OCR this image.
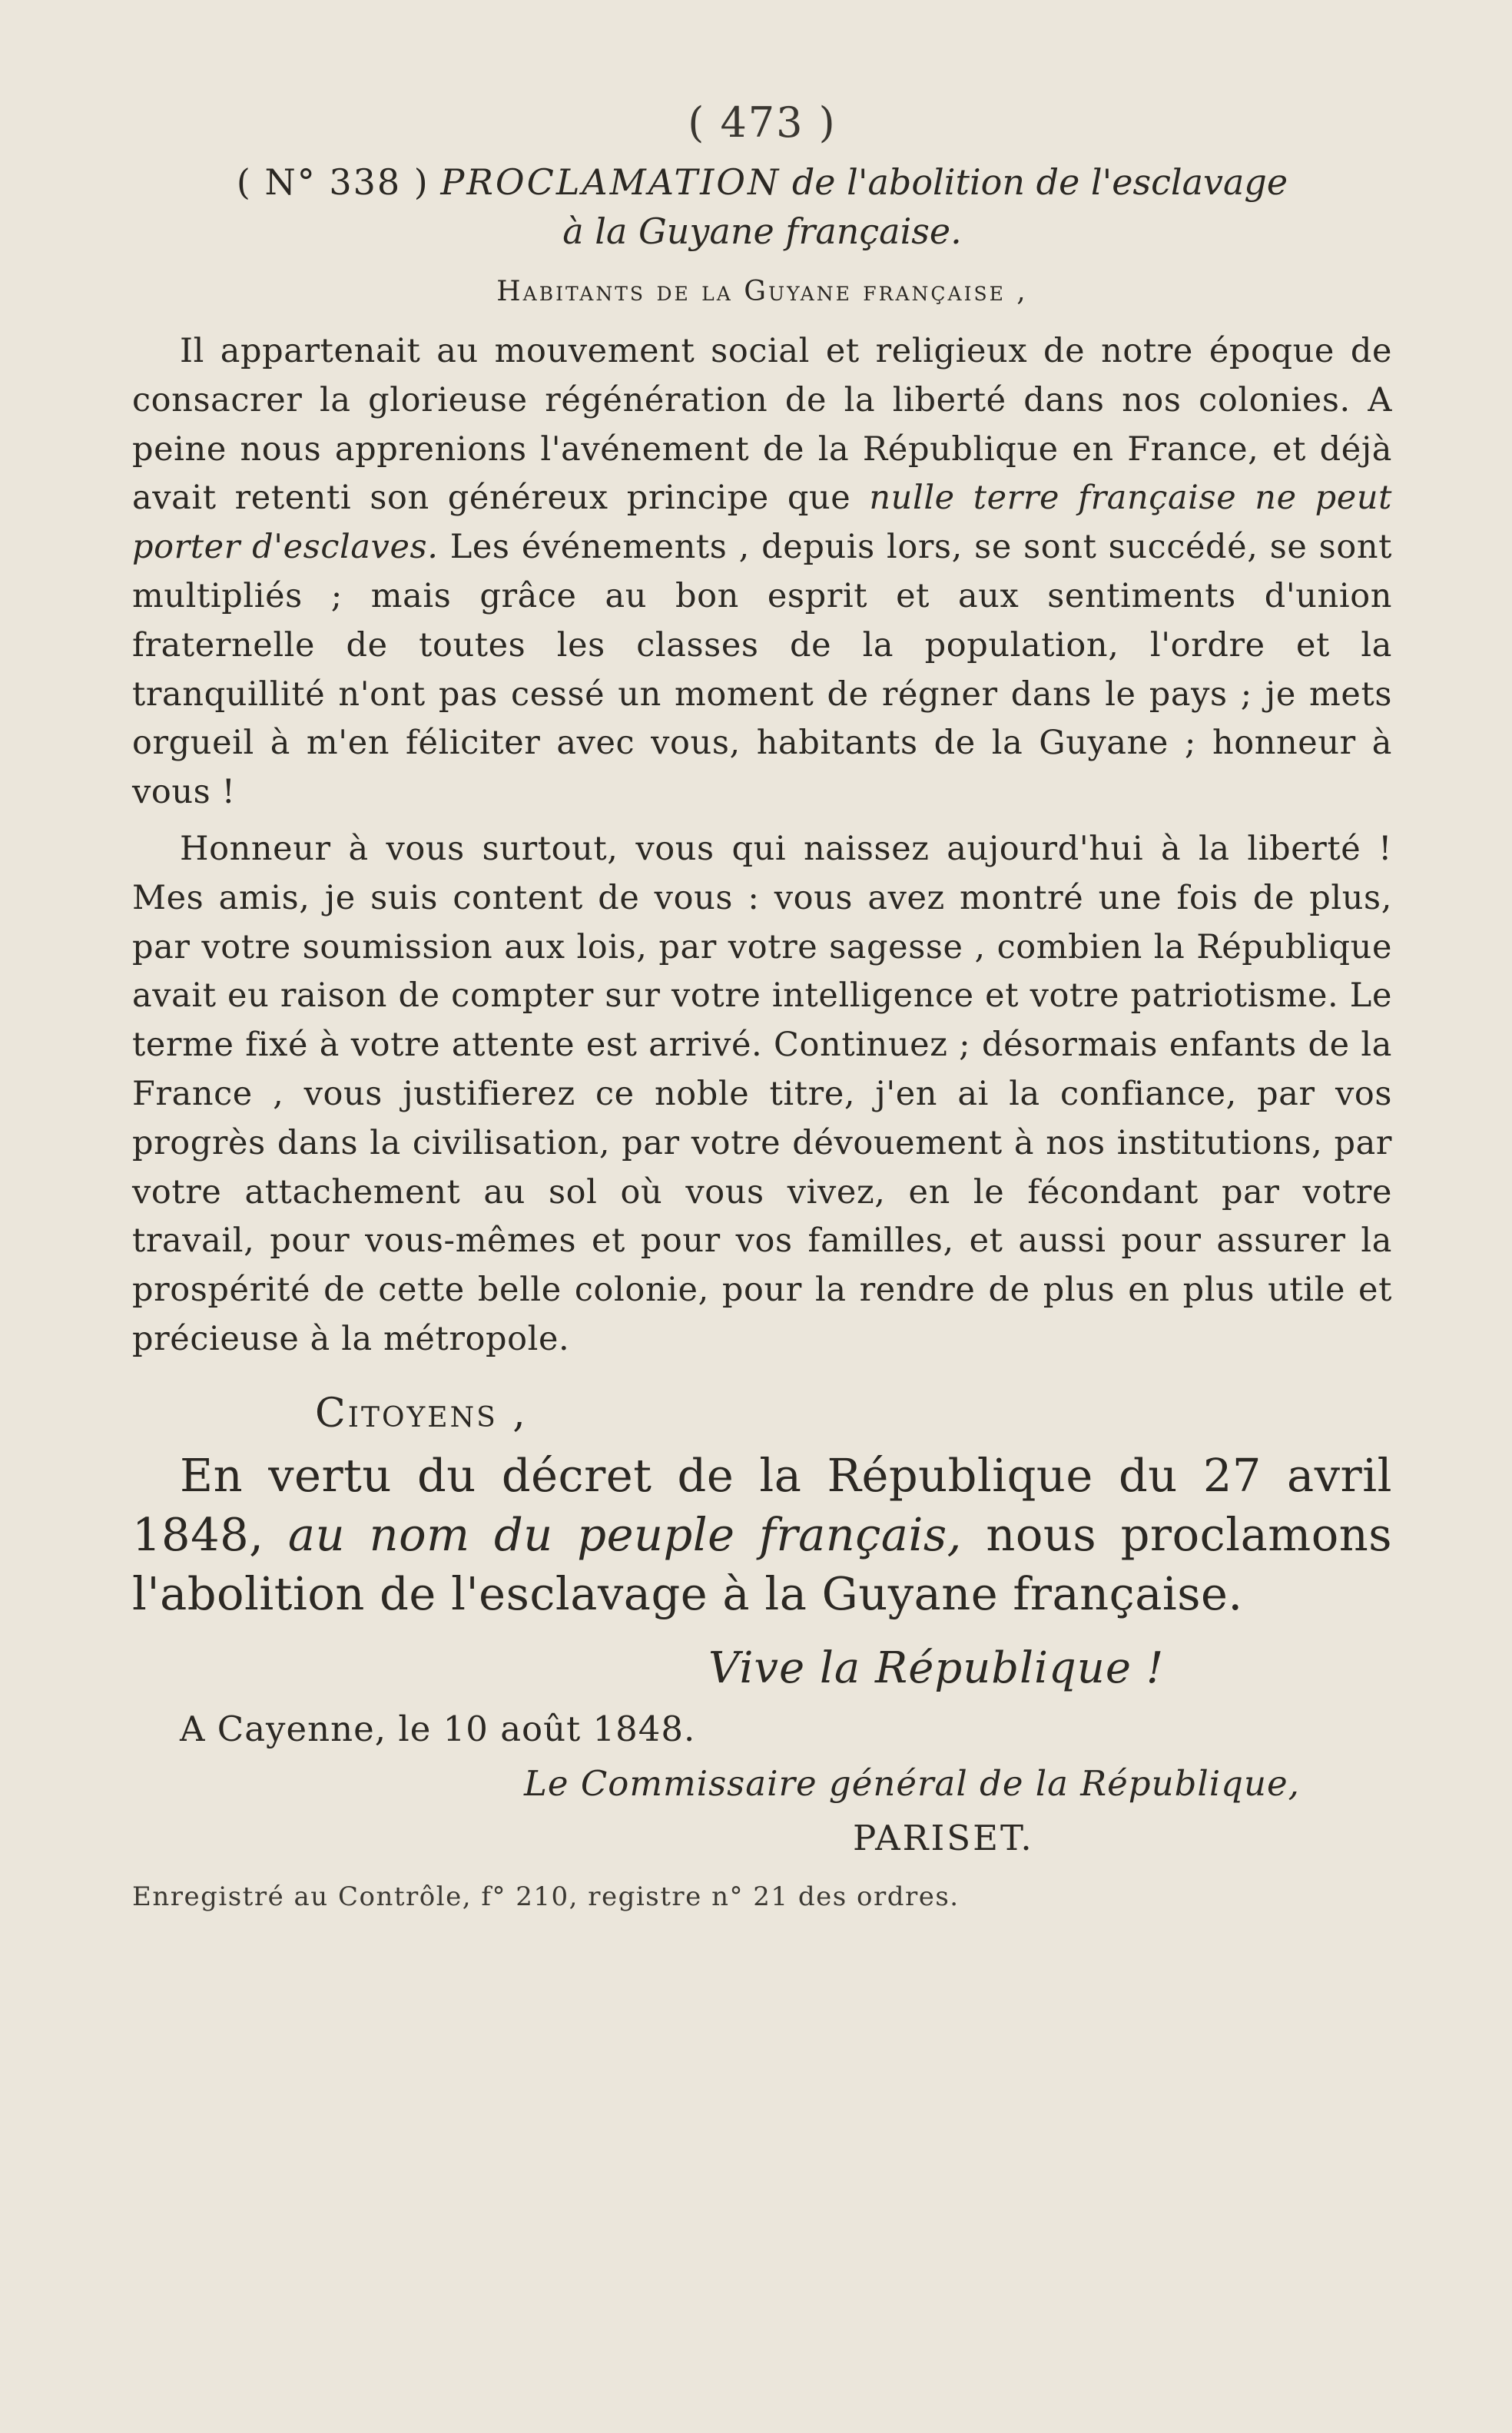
( 473 )

( N° 338 ) PROCLAMATION de l'abolition de l'esclavage

à la Guyane française.

Habitants de la Guyane française ,

Il appartenait au mouvement social et religieux de notre époque de consacrer la glorieuse régénération de la liberté dans nos colonies. A peine nous apprenions l'avénement de la République en France, et déjà avait retenti son généreux principe que nulle terre française ne peut porter d'esclaves. Les événements , depuis lors, se sont succédé, se sont multipliés ; mais grâce au bon esprit et aux sentiments d'union fraternelle de toutes les classes de la population, l'ordre et la tranquillité n'ont pas cessé un moment de régner dans le pays ; je mets orgueil à m'en féliciter avec vous, habitants de la Guyane ; honneur à vous !

Honneur à vous surtout, vous qui naissez aujourd'hui à la liberté ! Mes amis, je suis content de vous : vous avez montré une fois de plus, par votre soumission aux lois, par votre sagesse , combien la République avait eu raison de compter sur votre intelligence et votre patriotisme. Le terme fixé à votre attente est arrivé. Continuez ; désormais enfants de la France , vous justifierez ce noble titre, j'en ai la confiance, par vos progrès dans la civilisation, par votre dévouement à nos institutions, par votre attachement au sol où vous vivez, en le fécondant par votre travail, pour vous-mêmes et pour vos familles, et aussi pour assurer la prospérité de cette belle colonie, pour la rendre de plus en plus utile et précieuse à la métropole.

Citoyens ,

En vertu du décret de la République du 27 avril 1848, au nom du peuple français, nous proclamons l'abolition de l'esclavage à la Guyane française.

Vive la République !
A Cayenne, le 10 août 1848.
Le Commissaire général de la République,
PARISET.
Enregistré au Contrôle, f° 210, registre n° 21 des ordres.
